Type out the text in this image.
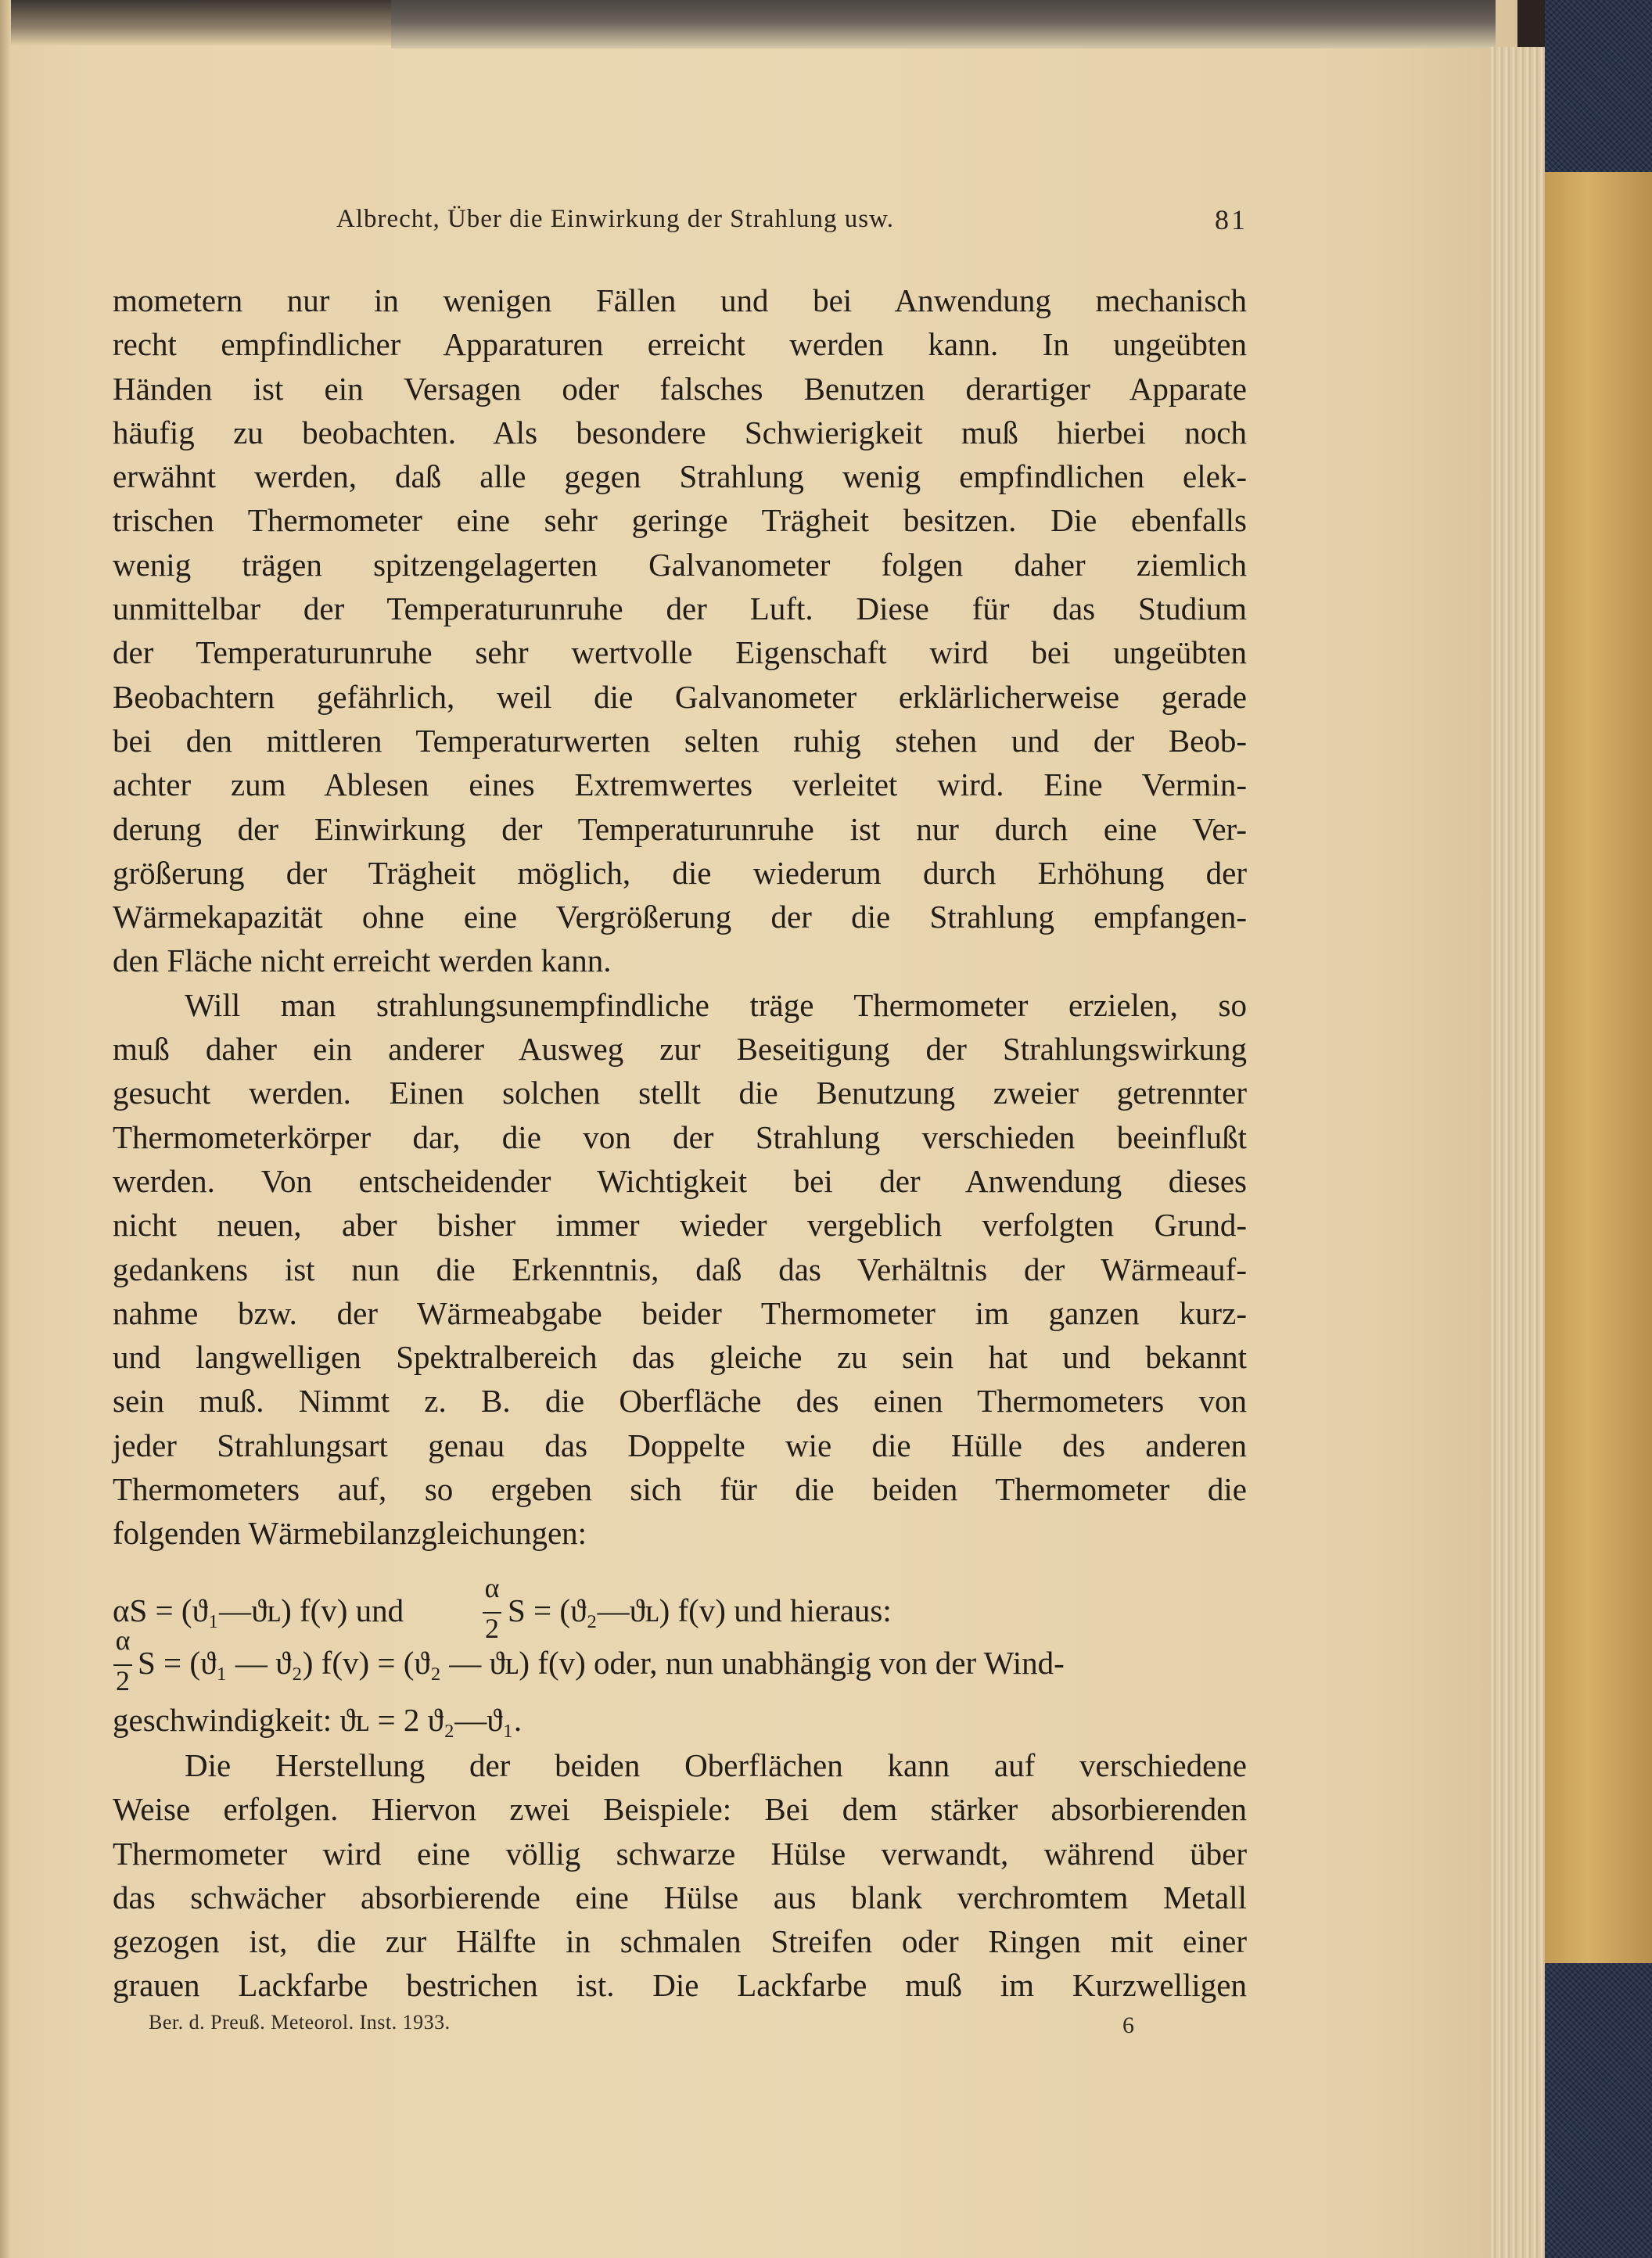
Albrecht, Über die Einwirkung der Strahlung usw.	81
mometern nur in wenigen Fällen und bei Anwendung mechanisch
recht empfindlicher Apparaturen erreicht werden kann. In ungeübten
Händen ist ein Versagen oder falsches Benutzen derartiger Apparate
häufig zu beobachten. Als besondere Schwierigkeit muß hierbei noch
erwähnt werden, daß alle gegen Strahlung wenig empfindlichen elek-
trischen Thermometer eine sehr geringe Trägheit besitzen. Die ebenfalls
wenig trägen spitzengelagerten Galvanometer folgen daher ziemlich
unmittelbar der Temperaturunruhe der Luft. Diese für das Studium
der Temperaturunruhe sehr wertvolle Eigenschaft wird bei ungeübten
Beobachtern gefährlich, weil die Galvanometer erklärlicherweise gerade
bei den mittleren Temperaturwerten selten ruhig stehen und der Beob-
achter zum Ablesen eines Extremwertes verleitet wird. Eine Vermin-
derung der Einwirkung der Temperaturunruhe ist nur durch eine Ver-
größerung der Trägheit möglich, die wiederum durch Erhöhung der
Wärmekapazität ohne eine Vergrößerung der die Strahlung empfangen-
den Fläche nicht erreicht werden kann.
Will man strahlungsunempfindliche träge Thermometer erzielen, so
muß daher ein anderer Ausweg zur Beseitigung der Strahlungswirkung
gesucht werden. Einen solchen stellt die Benutzung zweier getrennter
Thermometerkörper dar, die von der Strahlung verschieden beeinflußt
werden. Von entscheidender Wichtigkeit bei der Anwendung dieses
nicht neuen, aber bisher immer wieder vergeblich verfolgten Grund-
gedankens ist nun die Erkenntnis, daß das Verhältnis der Wärmeauf-
nahme bzw. der Wärmeabgabe beider Thermometer im ganzen kurz-
und langwelligen Spektralbereich das gleiche zu sein hat und bekannt
sein muß. Nimmt z. B. die Oberfläche des einen Thermometers von
jeder Strahlungsart genau das Doppelte wie die Hülle des anderen
Thermometers auf, so ergeben sich für die beiden Thermometer die
folgenden Wärmebilanzgleichungen:
αS = (ϑ₁—ϑʟ) f(v) und
α
2 S = (ϑ₂—ϑʟ) f(v) und hieraus:
α
2 S = (ϑ₁ — ϑ₂) f(v) = (ϑ₂ — ϑʟ) f(v) oder, nun unabhängig von der Wind-
geschwindigkeit: ϑʟ = 2 ϑ₂—ϑ₁.
Die Herstellung der beiden Oberflächen kann auf verschiedene
Weise erfolgen. Hiervon zwei Beispiele: Bei dem stärker absorbierenden
Thermometer wird eine völlig schwarze Hülse verwandt, während über
das schwächer absorbierende eine Hülse aus blank verchromtem Metall
gezogen ist, die zur Hälfte in schmalen Streifen oder Ringen mit einer
grauen Lackfarbe bestrichen ist. Die Lackfarbe muß im Kurzwelligen
Ber. d. Preuß. Meteorol. Inst. 1933.	6
